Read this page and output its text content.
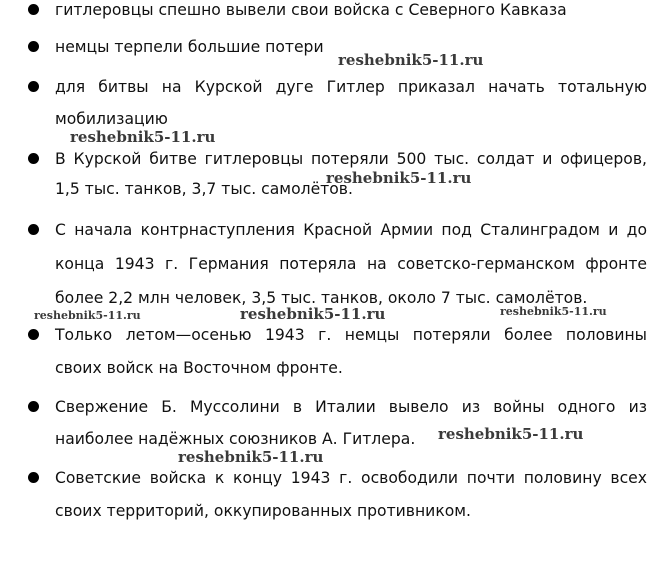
гитлеровцы спешно вывели свои войска с Северного Кавказа
немцы терпели большие потери
для битвы на Курской дуге Гитлер приказал начать тотальную
мобилизацию
В Курской битве гитлеровцы потеряли 500 тыс. солдат и офицеров,
1,5 тыс. танков, 3,7 тыс. самолётов.
С начала контрнаступления Красной Армии под Сталинградом и до
конца 1943 г. Германия потеряла на советско-германском фронте
более 2,2 млн человек, 3,5 тыс. танков, около 7 тыс. самолётов.
Только летом—осенью 1943 г. немцы потеряли более половины
своих войск на Восточном фронте.
Свержение Б. Муссолини в Италии вывело из войны одного из
наиболее надёжных союзников А. Гитлера.
Советские войска к концу 1943 г. освободили почти половину всех
своих территорий, оккупированных противником.
reshebnik5-11.ru
reshebnik5-11.ru
reshebnik5-11.ru
reshebnik5-11.ru	reshebnik5-11.ru	reshebnik5-11.ru
reshebnik5-11.ru
reshebnik5-11.ru
